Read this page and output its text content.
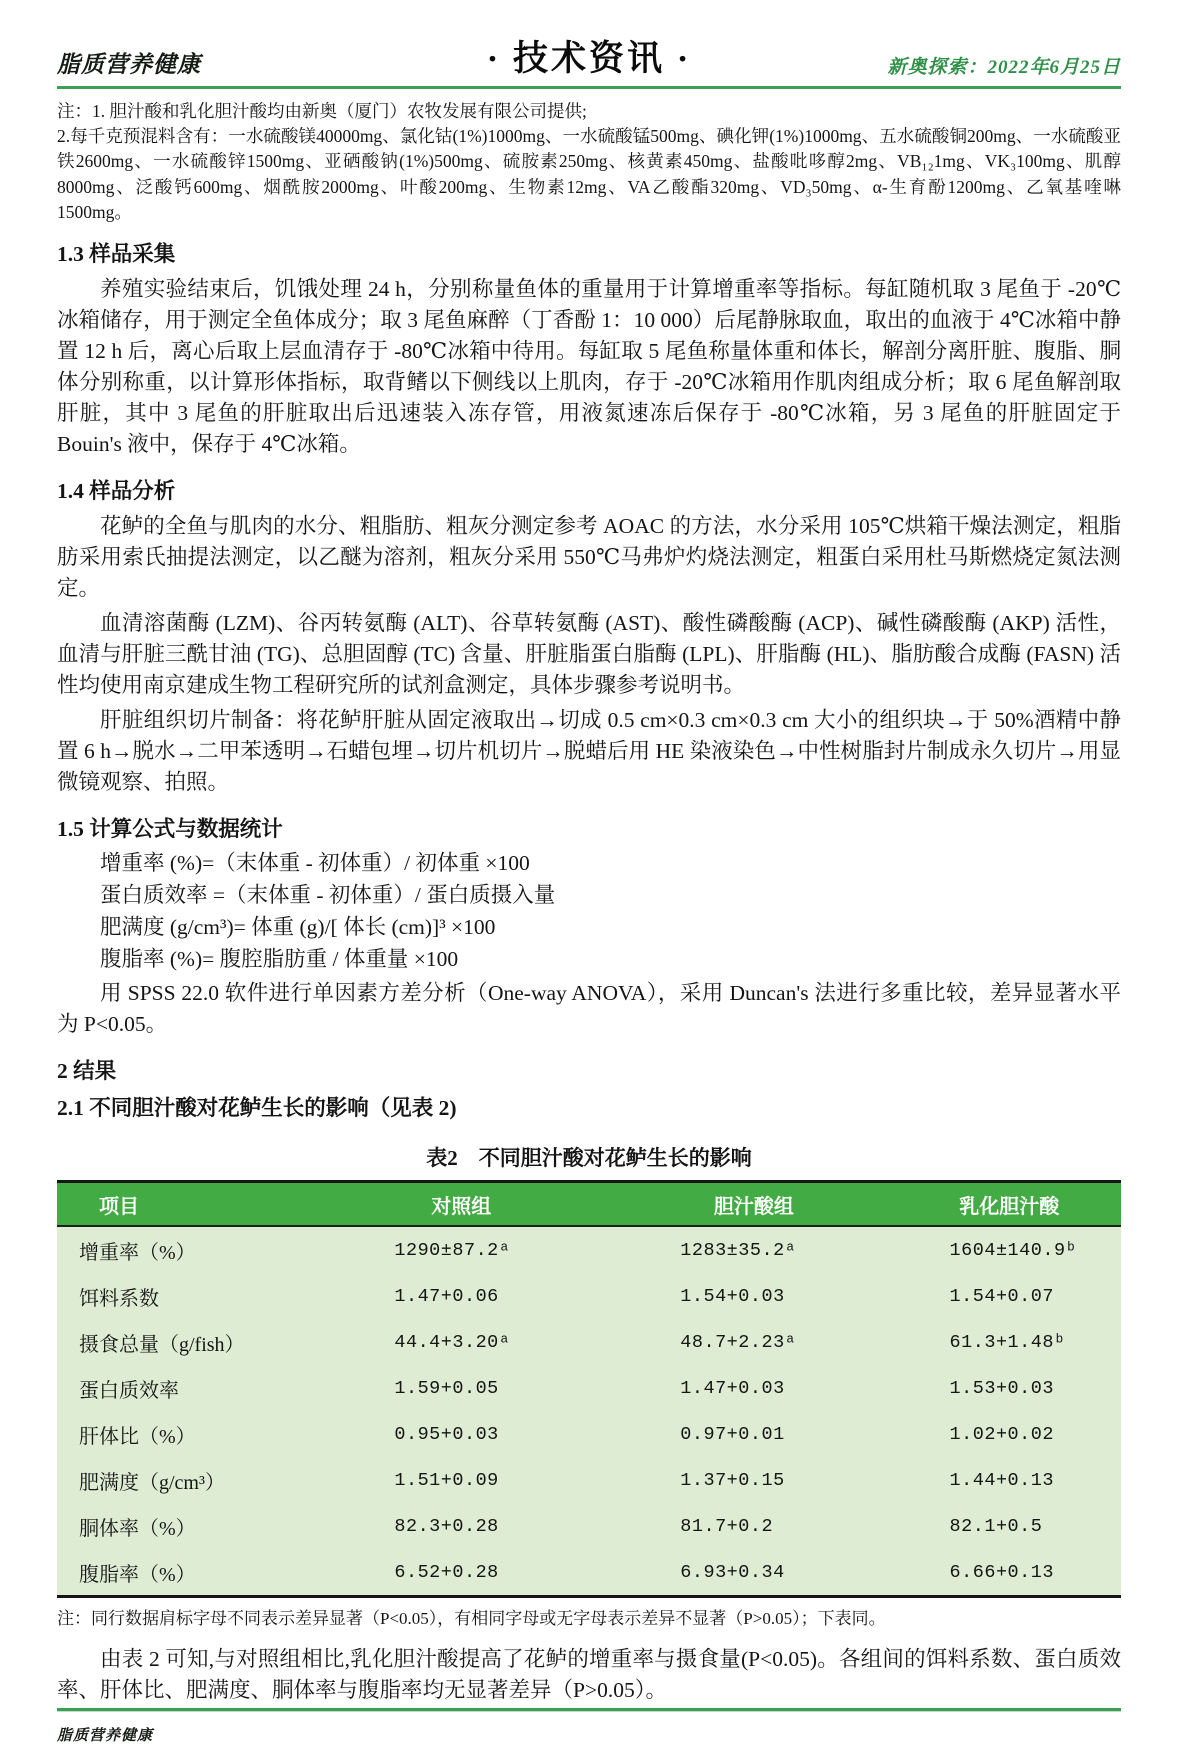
脂质营养健康	· 技术资讯 ·	新奥探索：2022年6月25日

注：1. 胆汁酸和乳化胆汁酸均由新奥（厦门）农牧发展有限公司提供;

2.每千克预混料含有：一水硫酸镁40000mg、氯化钴(1%)1000mg、一水硫酸锰500mg、碘化钾(1%)1000mg、五水硫酸铜200mg、一水硫酸亚铁2600mg、一水硫酸锌1500mg、亚硒酸钠(1%)500mg、硫胺素250mg、核黄素450mg、盐酸吡哆醇2mg、VB₁₂1mg、VK₃100mg、肌醇8000mg、泛酸钙600mg、烟酰胺2000mg、叶酸200mg、生物素12mg、VA乙酸酯320mg、VD₃50mg、α-生育酚1200mg、乙氧基喹啉1500mg。

1.3 样品采集

养殖实验结束后，饥饿处理 24 h，分别称量鱼体的重量用于计算增重率等指标。每缸随机取 3 尾鱼于 -20℃冰箱储存，用于测定全鱼体成分；取 3 尾鱼麻醉（丁香酚 1：10 000）后尾静脉取血，取出的血液于 4℃冰箱中静置 12 h 后，离心后取上层血清存于 -80℃冰箱中待用。每缸取 5 尾鱼称量体重和体长，解剖分离肝脏、腹脂、胴体分别称重，以计算形体指标，取背鳍以下侧线以上肌肉，存于 -20℃冰箱用作肌肉组成分析；取 6 尾鱼解剖取肝脏，其中 3 尾鱼的肝脏取出后迅速装入冻存管，用液氮速冻后保存于 -80℃冰箱，另 3 尾鱼的肝脏固定于 Bouin's 液中，保存于 4℃冰箱。

1.4 样品分析

花鲈的全鱼与肌肉的水分、粗脂肪、粗灰分测定参考 AOAC 的方法，水分采用 105℃烘箱干燥法测定，粗脂肪采用索氏抽提法测定，以乙醚为溶剂，粗灰分采用 550℃马弗炉灼烧法测定，粗蛋白采用杜马斯燃烧定氮法测定。

血清溶菌酶 (LZM)、谷丙转氨酶 (ALT)、谷草转氨酶 (AST)、酸性磷酸酶 (ACP)、碱性磷酸酶 (AKP) 活性，血清与肝脏三酰甘油 (TG)、总胆固醇 (TC) 含量、肝脏脂蛋白脂酶 (LPL)、肝脂酶 (HL)、脂肪酸合成酶 (FASN) 活性均使用南京建成生物工程研究所的试剂盒测定，具体步骤参考说明书。

肝脏组织切片制备：将花鲈肝脏从固定液取出→切成 0.5 cm×0.3 cm×0.3 cm 大小的组织块→于 50%酒精中静置 6 h→脱水→二甲苯透明→石蜡包埋→切片机切片→脱蜡后用 HE 染液染色→中性树脂封片制成永久切片→用显微镜观察、拍照。

1.5 计算公式与数据统计
增重率 (%)=（末体重 - 初体重）/ 初体重 ×100
蛋白质效率 =（末体重 - 初体重）/ 蛋白质摄入量
肥满度 (g/cm³)= 体重 (g)/[ 体长 (cm)]³ ×100
腹脂率 (%)= 腹腔脂肪重 / 体重量 ×100

用 SPSS 22.0 软件进行单因素方差分析（One-way ANOVA），采用 Duncan's 法进行多重比较，差异显著水平为 P<0.05。

2 结果
2.1 不同胆汁酸对花鲈生长的影响（见表 2)
表2　不同胆汁酸对花鲈生长的影响
项目	对照组	胆汁酸组	乳化胆汁酸
增重率（%）	1290±87.2ᵃ	1283±35.2ᵃ	1604±140.9ᵇ
饵料系数	1.47+0.06	1.54+0.03	1.54+0.07
摄食总量（g/fish）	44.4+3.20ᵃ	48.7+2.23ᵃ	61.3+1.48ᵇ
蛋白质效率	1.59+0.05	1.47+0.03	1.53+0.03
肝体比（%）	0.95+0.03	0.97+0.01	1.02+0.02
肥满度（g/cm³）	1.51+0.09	1.37+0.15	1.44+0.13
胴体率（%）	82.3+0.28	81.7+0.2	82.1+0.5
腹脂率（%）	6.52+0.28	6.93+0.34	6.66+0.13
注：同行数据肩标字母不同表示差异显著（P<0.05），有相同字母或无字母表示差异不显著（P>0.05）；下表同。

由表 2 可知,与对照组相比,乳化胆汁酸提高了花鲈的增重率与摄食量(P<0.05)。各组间的饵料系数、蛋白质效率、肝体比、肥满度、胴体率与腹脂率均无显著差异（P>0.05）。

脂质营养健康
